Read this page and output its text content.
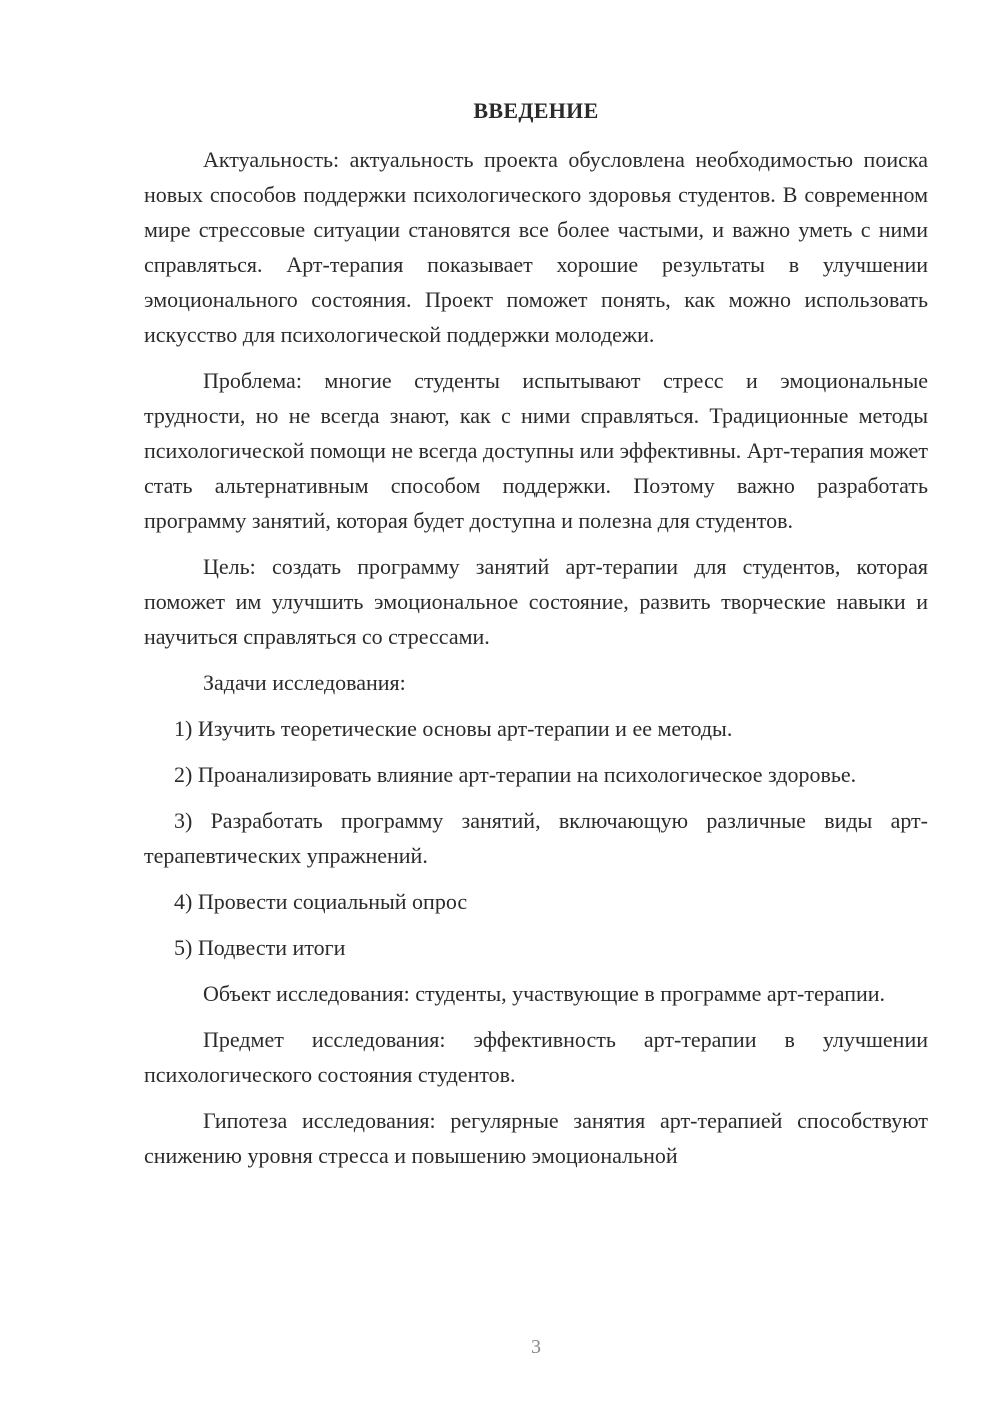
ВВЕДЕНИЕ

Актуальность: актуальность проекта обусловлена необходимостью поиска новых способов поддержки психологического здоровья студентов. В современном мире стрессовые ситуации становятся все более частыми, и важно уметь с ними справляться. Арт-терапия показывает хорошие результаты в улучшении эмоционального состояния. Проект поможет понять, как можно использовать искусство для психологической поддержки молодежи.

Проблема: многие студенты испытывают стресс и эмоциональные трудности, но не всегда знают, как с ними справляться. Традиционные методы психологической помощи не всегда доступны или эффективны. Арт-терапия может стать альтернативным способом поддержки. Поэтому важно разработать программу занятий, которая будет доступна и полезна для студентов.

Цель: создать программу занятий арт-терапии для студентов, которая поможет им улучшить эмоциональное состояние, развить творческие навыки и научиться справляться со стрессами.

Задачи исследования:

1) Изучить теоретические основы арт-терапии и ее методы.

2) Проанализировать влияние арт-терапии на психологическое здоровье.

3) Разработать программу занятий, включающую различные виды арт-терапевтических упражнений.

4) Провести социальный опрос

5) Подвести итоги

Объект исследования: студенты, участвующие в программе арт-терапии.

Предмет исследования: эффективность арт-терапии в улучшении психологического состояния студентов.

Гипотеза исследования: регулярные занятия арт-терапией способствуют снижению уровня стресса и повышению эмоциональной

3
